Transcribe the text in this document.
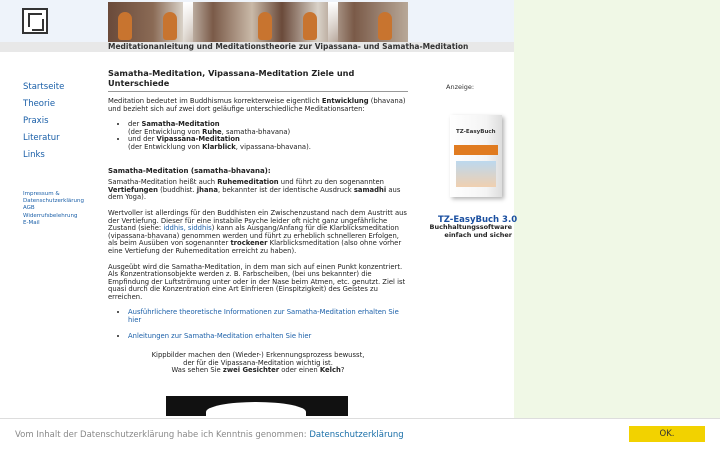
Meditationanleitung und Meditationstheorie zur Vipassana- und Samatha-Meditation
Startseite
Theorie
Praxis
Literatur
Links
Impressum &
Datenschutzerklärung
AGB
Widerrufsbelehrung
E-Mail
Samatha-Meditation, Vipassana-Meditation Ziele und Unterschiede

Meditation bedeutet im Buddhismus korrekterweise eigentlich Entwicklung (bhavana) und bezieht sich auf zwei dort geläufige unterschiedliche Meditationsarten:

• der Samatha-Meditation
(der Entwicklung von Ruhe, samatha-bhavana)
• und der Vipassana-Meditation
(der Entwicklung von Klarblick, vipassana-bhavana).
Samatha-Meditation (samatha-bhavana):

Samatha-Meditation heißt auch Ruhemeditation und führt zu den sogenannten Vertiefungen (buddhist. jhana, bekannter ist der identische Ausdruck samadhi aus dem Yoga).

Wertvoller ist allerdings für den Buddhisten ein Zwischenzustand nach dem Austritt aus der Vertiefung. Dieser für eine instabile Psyche leider oft nicht ganz ungefährliche Zustand (siehe: iddhis, siddhis) kann als Ausgang/Anfang für die Klarblicksmeditation (vipassana-bhavana) genommen werden und führt zu erheblich schnelleren Erfolgen, als beim Ausüben von sogenannter trockener Klarblicksmeditation (also ohne vorher eine Vertiefung der Ruhemeditation erreicht zu haben).

Ausgeübt wird die Samatha-Meditation, in dem man sich auf einen Punkt konzentriert. Als Konzentrationsobjekte werden z. B. Farbscheiben, (bei uns bekannter) die Empfindung der Luftströmung unter oder in der Nase beim Atmen, etc. genutzt. Ziel ist quasi durch die Konzentration eine Art Einfrieren (Einspitzigkeit) des Geistes zu erreichen.

• Ausführlichere theoretische Informationen zur Samatha-Meditation erhalten Sie hier
• Anleitungen zur Samatha-Meditation erhalten Sie hier

Kippbilder machen den (Wieder-) Erkennungsprozess bewusst,
der für die Vipassana-Meditation wichtig ist.
Was sehen Sie zwei Gesichter oder einen Kelch?

Anzeige:
TZ-EasyBuch
TZ-EasyBuch 3.0
Buchhaltungssoftware
einfach und sicher
Vom Inhalt der Datenschutzerklärung habe ich Kenntnis genommen: Datenschutzerklärung	OK.
